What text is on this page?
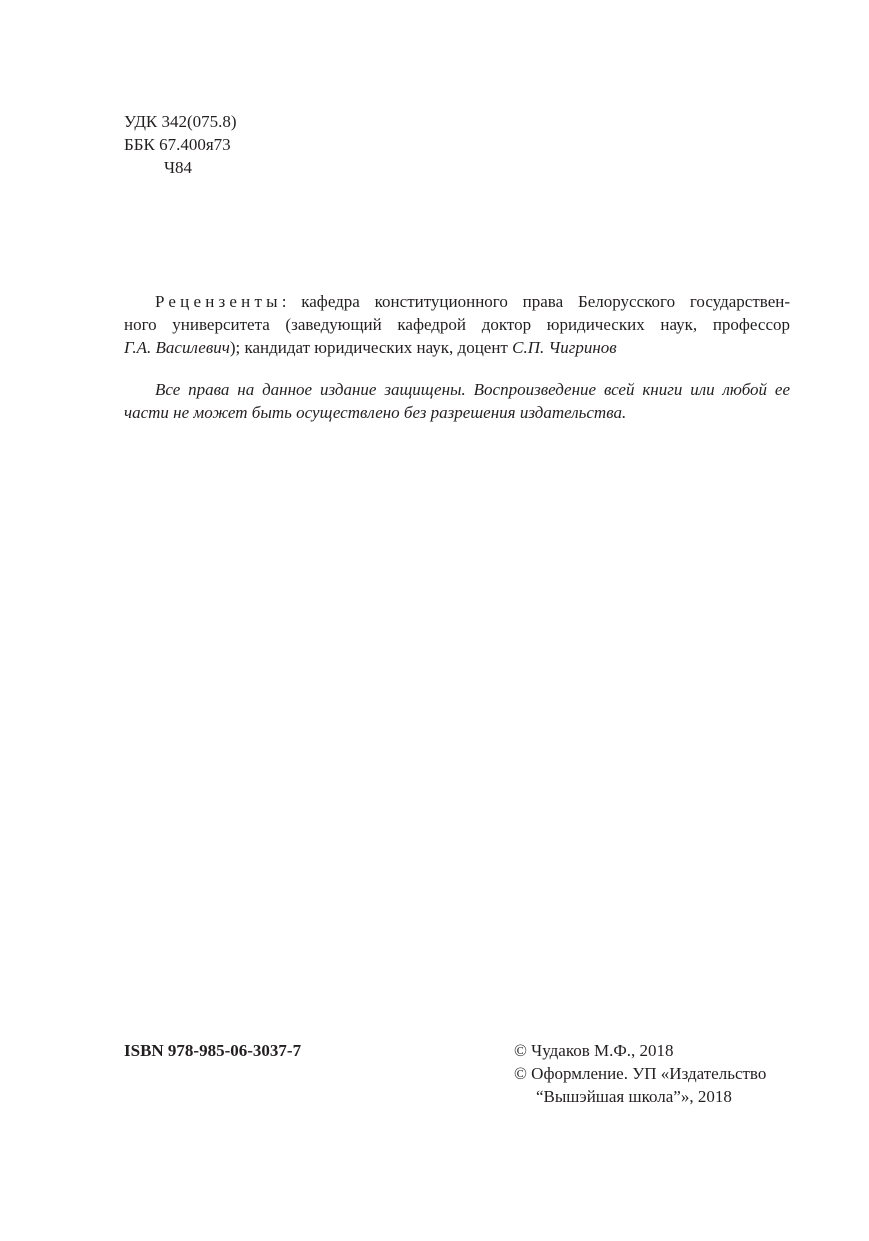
УДК 342(075.8)
ББК 67.400я73
Ч84
Рецензенты: кафедра конституционного права Белорусского государствен-
ного университета (заведующий кафедрой доктор юридических наук, профессор
Г.А. Василевич); кандидат юридических наук, доцент С.П. Чигринов
Все права на данное издание защищены. Воспроизведение всей книги или любой ее
части не может быть осуществлено без разрешения издательства.
ISBN 978-985-06-3037-7	© Чудаков М.Ф., 2018
© Оформление. УП «Издательство
“Вышэйшая школа”», 2018
